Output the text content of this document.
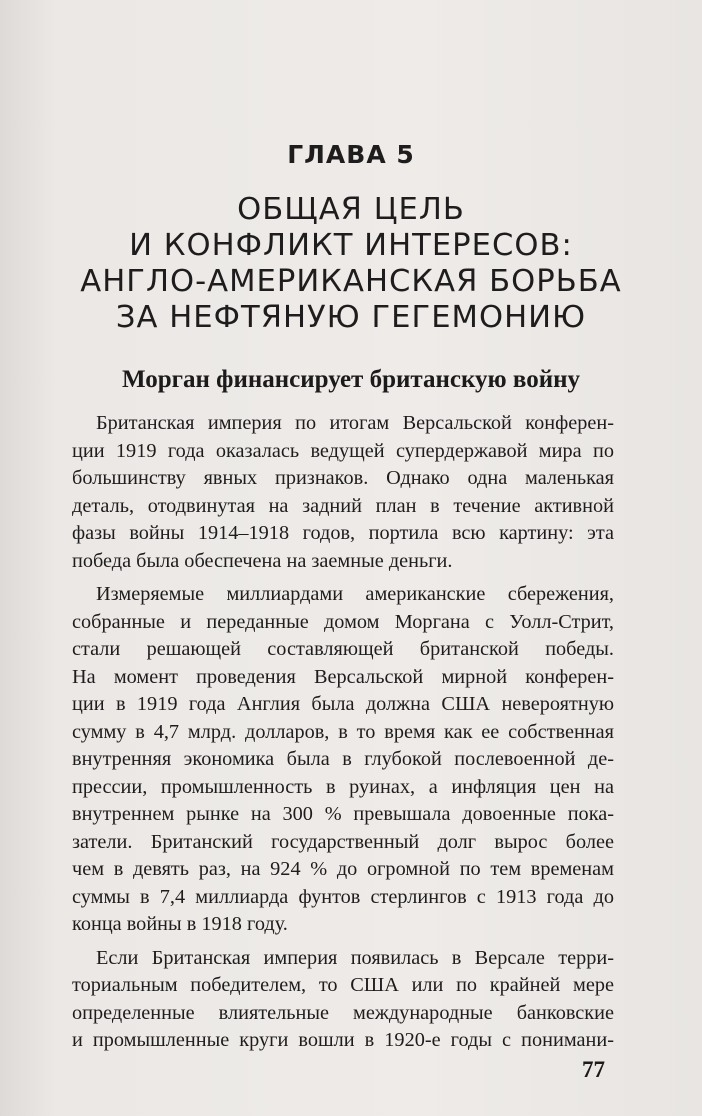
ГЛАВА 5
ОБЩАЯ ЦЕЛЬ
И КОНФЛИКТ ИНТЕРЕСОВ:
АНГЛО-АМЕРИКАНСКАЯ БОРЬБА
ЗА НЕФТЯНУЮ ГЕГЕМОНИЮ
Морган финансирует британскую войну

Британская империя по итогам Версальской конферен-
ции 1919 года оказалась ведущей супердержавой мира по
большинству явных признаков. Однако одна маленькая
деталь, отодвинутая на задний план в течение активной
фазы войны 1914–1918 годов, портила всю картину: эта
победа была обеспечена на заемные деньги.

Измеряемые миллиардами американские сбережения,
собранные и переданные домом Моргана с Уолл-Стрит,
стали решающей составляющей британской победы.
На момент проведения Версальской мирной конферен-
ции в 1919 года Англия была должна США невероятную
сумму в 4,7 млрд. долларов, в то время как ее собственная
внутренняя экономика была в глубокой послевоенной де-
прессии, промышленность в руинах, а инфляция цен на
внутреннем рынке на 300 % превышала довоенные пока-
затели. Британский государственный долг вырос более
чем в девять раз, на 924 % до огромной по тем временам
суммы в 7,4 миллиарда фунтов стерлингов с 1913 года до
конца войны в 1918 году.

Если Британская империя появилась в Версале терри-
ториальным победителем, то США или по крайней мере
определенные влиятельные международные банковские
и промышленные круги вошли в 1920-е годы с понимани-

77
